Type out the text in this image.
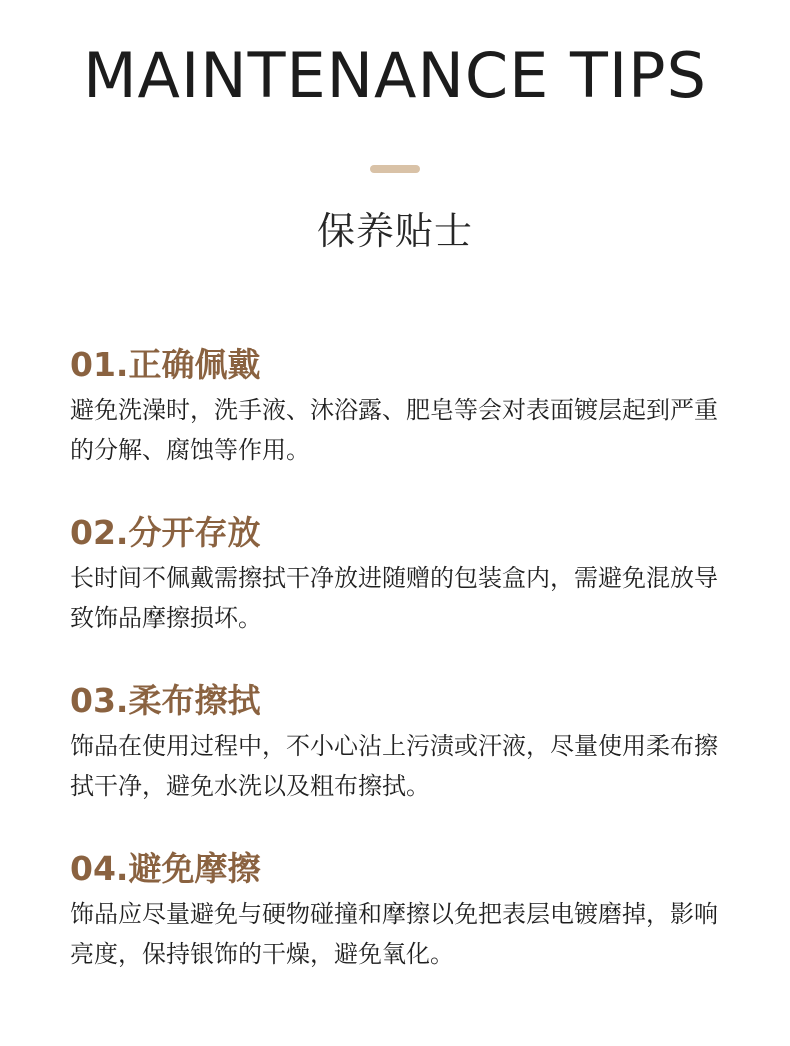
MAINTENANCE TIPS
保养贴士
01.正确佩戴
避免洗澡时，洗手液、沐浴露、肥皂等会对表面镀层起到严重的分解、腐蚀等作用。
02.分开存放
长时间不佩戴需擦拭干净放进随赠的包装盒内，需避免混放导致饰品摩擦损坏。
03.柔布擦拭
饰品在使用过程中，不小心沾上污渍或汗液，尽量使用柔布擦拭干净，避免水洗以及粗布擦拭。
04.避免摩擦
饰品应尽量避免与硬物碰撞和摩擦以免把表层电镀磨掉，影响亮度，保持银饰的干燥，避免氧化。
